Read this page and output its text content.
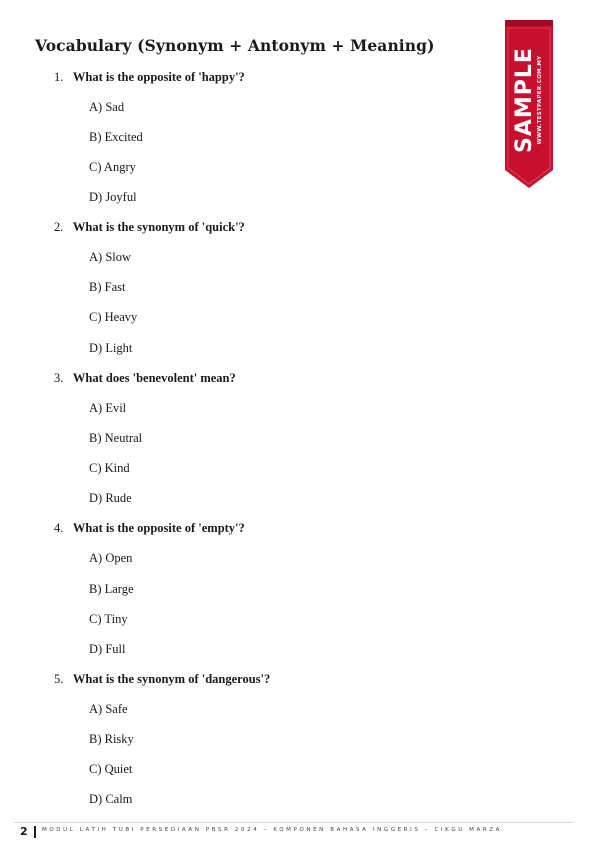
Vocabulary (Synonym + Antonym + Meaning)
SAMPLE WWW.TESTPAPER.COM.MY
1. What is the opposite of 'happy'?
A) Sad
B) Excited
C) Angry
D) Joyful
2. What is the synonym of 'quick'?
A) Slow
B) Fast
C) Heavy
D) Light
3. What does 'benevolent' mean?
A) Evil
B) Neutral
C) Kind
D) Rude
4. What is the opposite of 'empty'?
A) Open
B) Large
C) Tiny
D) Full
5. What is the synonym of 'dangerous'?
A) Safe
B) Risky
C) Quiet
D) Calm
2	MODUL LATIH TUBI PERSEDIAAN PBSR 2024 – KOMPONEN BAHASA INGGERIS – CIKGU MARZA
